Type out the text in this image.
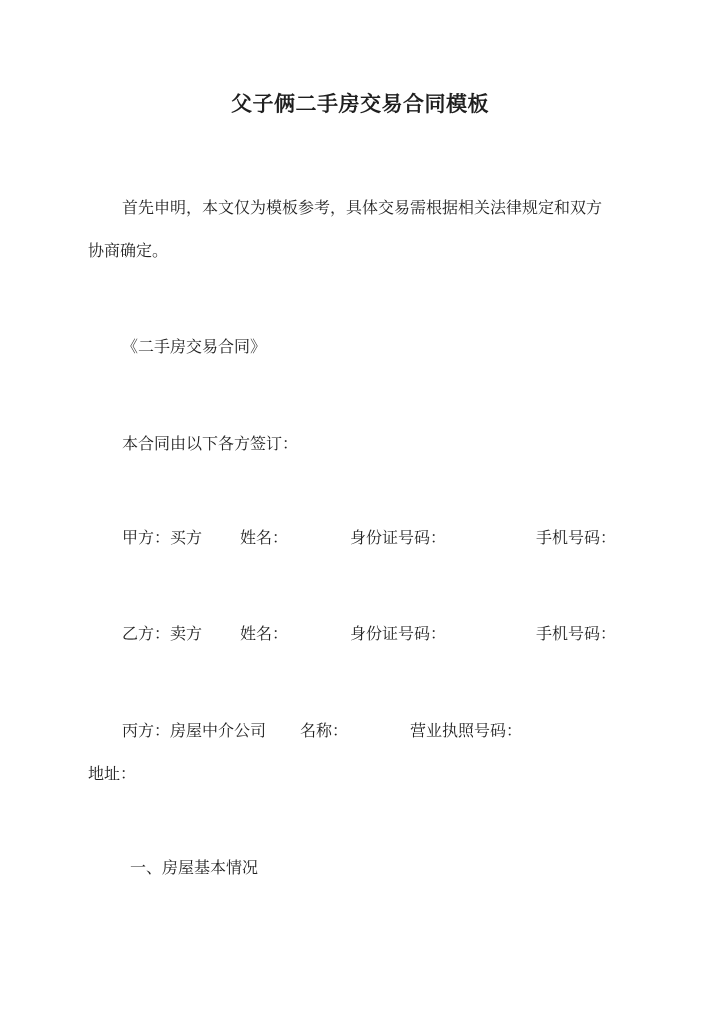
父子俩二手房交易合同模板
首先申明，本文仅为模板参考，具体交易需根据相关法律规定和双方
协商确定。
《二手房交易合同》
本合同由以下各方签订：
甲方：买方 姓名：	身份证号码：	手机号码：
乙方：卖方 姓名：	身份证号码：	手机号码：
丙方：房屋中介公司 名称：	营业执照号码：
地址：
一、房屋基本情况
